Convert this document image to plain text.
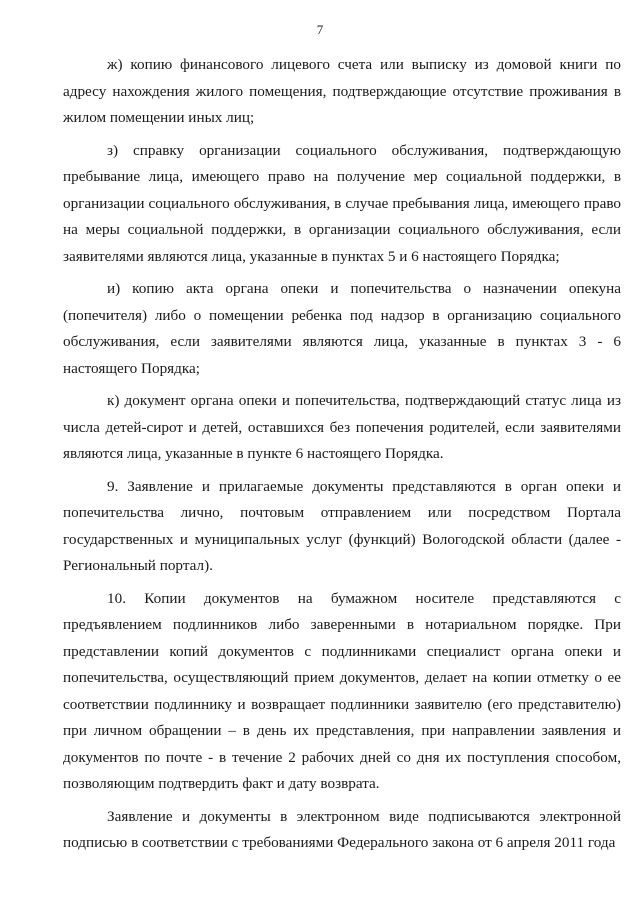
7

ж) копию финансового лицевого счета или выписку из домовой книги по адресу нахождения жилого помещения, подтверждающие отсутствие проживания в жилом помещении иных лиц;

з) справку организации социального обслуживания, подтверждающую пребывание лица, имеющего право на получение мер социальной поддержки, в организации социального обслуживания, в случае пребывания лица, имеющего право на меры социальной поддержки, в организации социального обслуживания, если заявителями являются лица, указанные в пунктах 5 и 6 настоящего Порядка;

и) копию акта органа опеки и попечительства о назначении опекуна (попечителя) либо о помещении ребенка под надзор в организацию социального обслуживания, если заявителями являются лица, указанные в пунктах 3 - 6 настоящего Порядка;

к) документ органа опеки и попечительства, подтверждающий статус лица из числа детей-сирот и детей, оставшихся без попечения родителей, если заявителями являются лица, указанные в пункте 6 настоящего Порядка.

9. Заявление и прилагаемые документы представляются в орган опеки и попечительства лично, почтовым отправлением или посредством Портала государственных и муниципальных услуг (функций) Вологодской области (далее - Региональный портал).

10. Копии документов на бумажном носителе представляются с предъявлением подлинников либо заверенными в нотариальном порядке. При представлении копий документов с подлинниками специалист органа опеки и попечительства, осуществляющий прием документов, делает на копии отметку о ее соответствии подлиннику и возвращает подлинники заявителю (его представителю) при личном обращении – в день их представления, при направлении заявления и документов по почте - в течение 2 рабочих дней со дня их поступления способом, позволяющим подтвердить факт и дату возврата.

Заявление и документы в электронном виде подписываются электронной подписью в соответствии с требованиями Федерального закона от 6 апреля 2011 года
